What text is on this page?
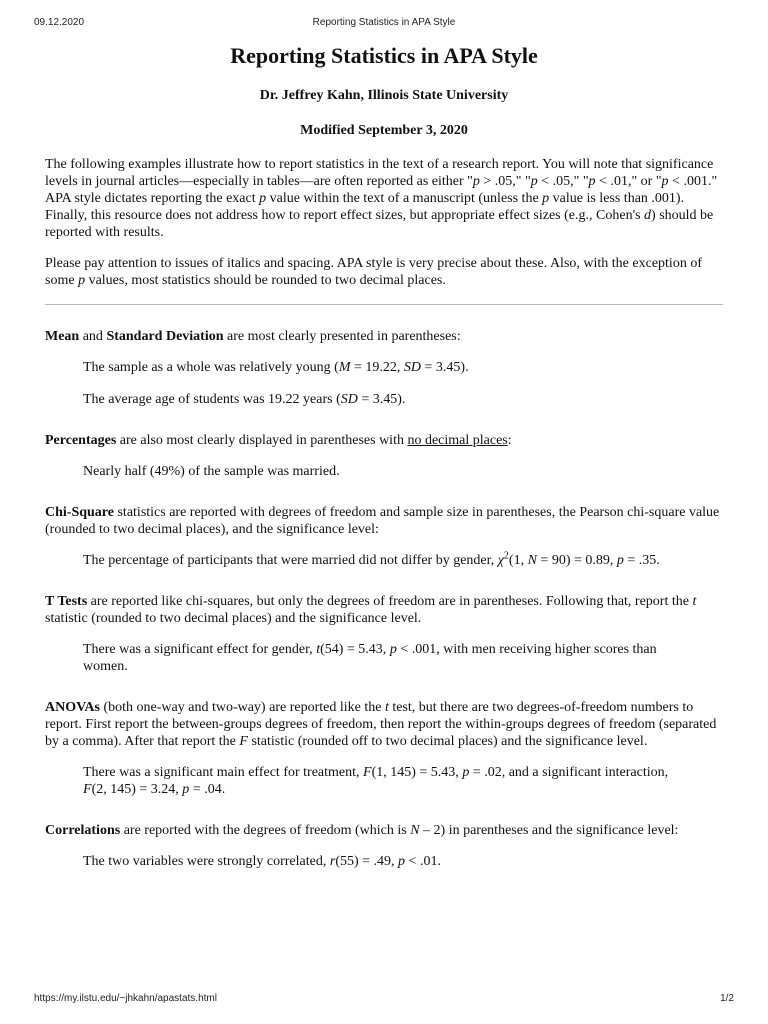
09.12.2020	Reporting Statistics in APA Style
Reporting Statistics in APA Style
Dr. Jeffrey Kahn, Illinois State University
Modified September 3, 2020

The following examples illustrate how to report statistics in the text of a research report. You will note that significance levels in journal articles—especially in tables—are often reported as either "p > .05," "p < .05," "p < .01," or "p < .001." APA style dictates reporting the exact p value within the text of a manuscript (unless the p value is less than .001). Finally, this resource does not address how to report effect sizes, but appropriate effect sizes (e.g., Cohen's d) should be reported with results.

Please pay attention to issues of italics and spacing. APA style is very precise about these. Also, with the exception of some p values, most statistics should be rounded to two decimal places.

Mean and Standard Deviation are most clearly presented in parentheses:

The sample as a whole was relatively young (M = 19.22, SD = 3.45).
The average age of students was 19.22 years (SD = 3.45).

Percentages are also most clearly displayed in parentheses with no decimal places:

Nearly half (49%) of the sample was married.

Chi-Square statistics are reported with degrees of freedom and sample size in parentheses, the Pearson chi-square value (rounded to two decimal places), and the significance level:

The percentage of participants that were married did not differ by gender, $\chi^2(1$, N = 90) = 0.89, p = .35.

T Tests are reported like chi-squares, but only the degrees of freedom are in parentheses. Following that, report the t statistic (rounded to two decimal places) and the significance level.

There was a significant effect for gender, t(54) = 5.43, p < .001, with men receiving higher scores than women.

ANOVAs (both one-way and two-way) are reported like the t test, but there are two degrees-of-freedom numbers to report. First report the between-groups degrees of freedom, then report the within-groups degrees of freedom (separated by a comma). After that report the F statistic (rounded off to two decimal places) and the significance level.

There was a significant main effect for treatment, F(1, 145) = 5.43, p = .02, and a significant interaction, F(2, 145) = 3.24, p = .04.

Correlations are reported with the degrees of freedom (which is N – 2) in parentheses and the significance level:

The two variables were strongly correlated, r(55) = .49, p < .01.
https://my.ilstu.edu/~jhkahn/apastats.html	1/2
